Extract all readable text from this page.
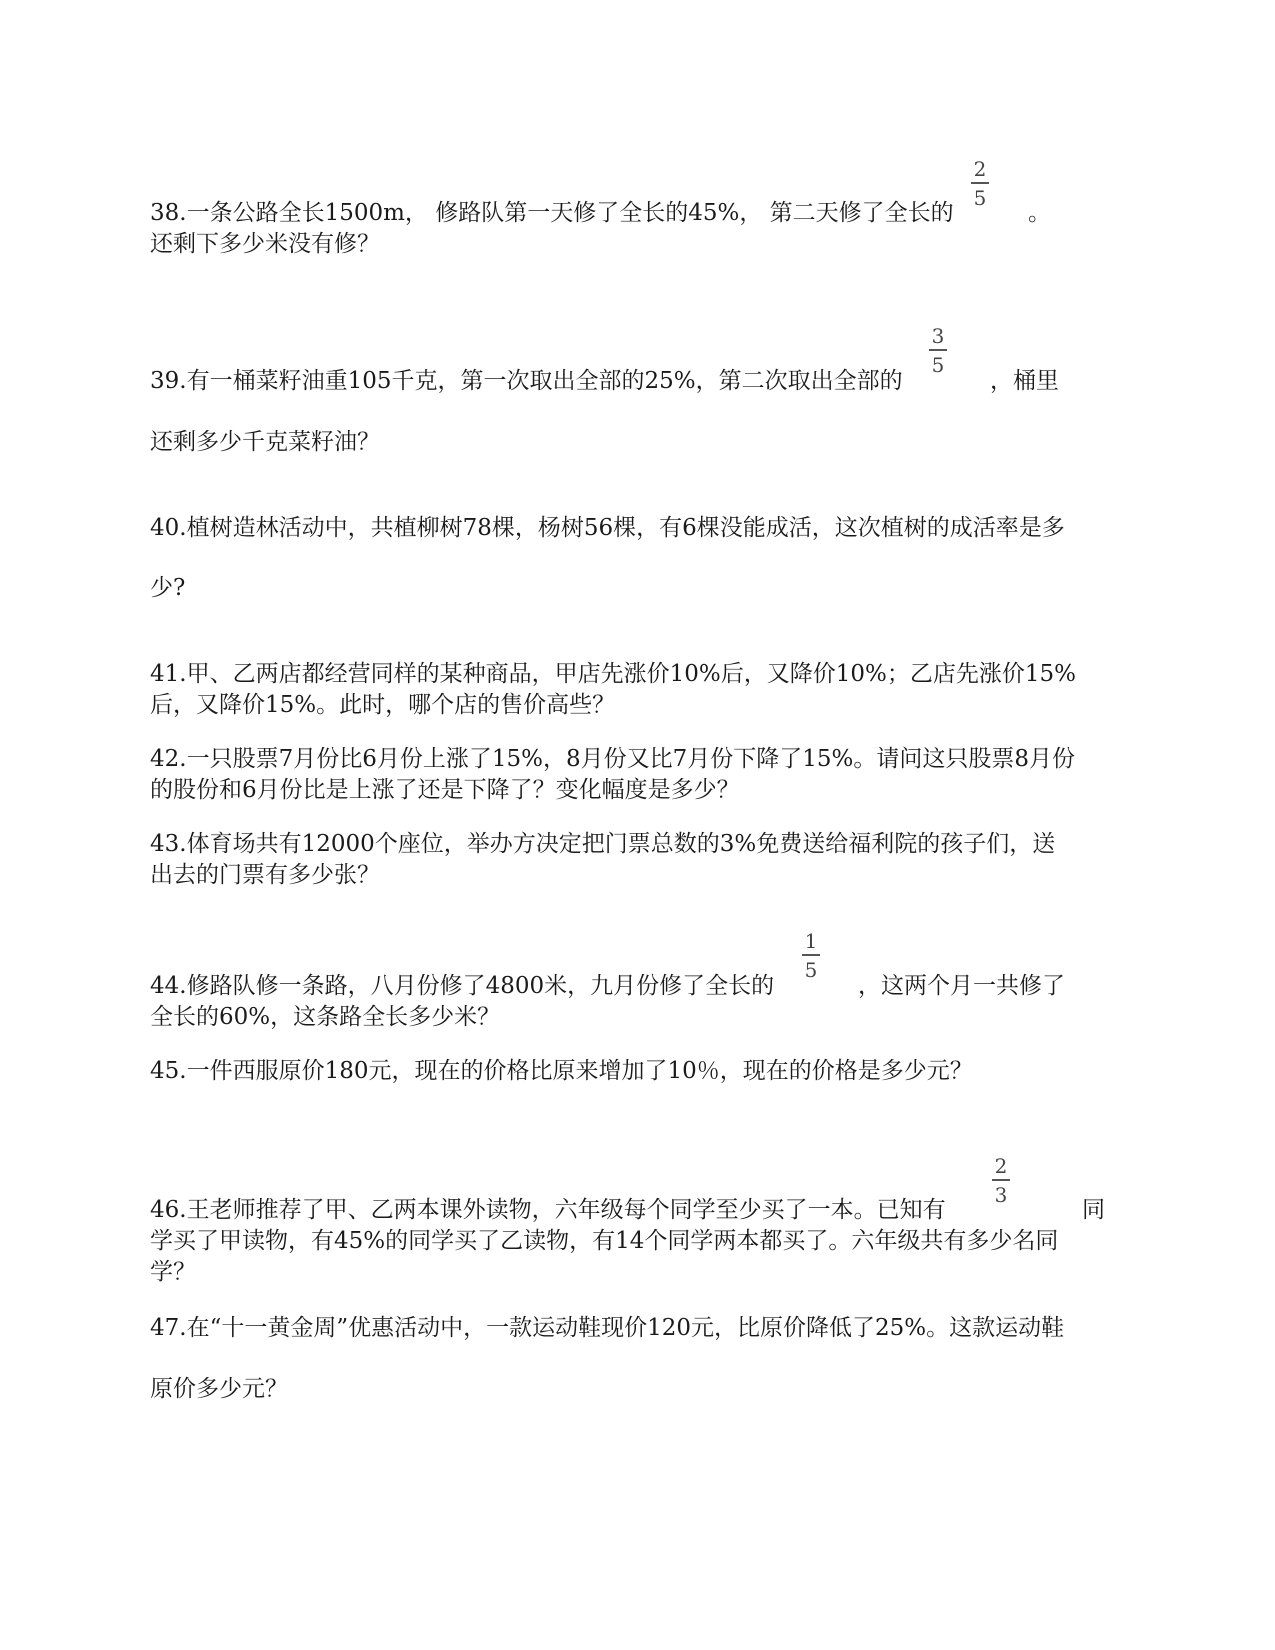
38.一条公路全长1500m， 修路队第一天修了全长的45%， 第二天修了全长的
2
5
。
还剩下多少米没有修？
39.有一桶菜籽油重105千克，第一次取出全部的25%，第二次取出全部的
3
5
，桶里
还剩多少千克菜籽油？
40.植树造林活动中，共植柳树78棵，杨树56棵，有6棵没能成活，这次植树的成活率是多
少?
41.甲、乙两店都经营同样的某种商品，甲店先涨价10%后，又降价10%；乙店先涨价15%
后，又降价15%。此时，哪个店的售价高些？
42.一只股票7月份比6月份上涨了15%，8月份又比7月份下降了15%。请问这只股票8月份
的股份和6月份比是上涨了还是下降了？变化幅度是多少？
43.体育场共有12000个座位，举办方决定把门票总数的3%免费送给福利院的孩子们，送
出去的门票有多少张？
44.修路队修一条路，八月份修了4800米，九月份修了全长的
1
5
，这两个月一共修了
全长的60%，这条路全长多少米？
45.一件西服原价180元，现在的价格比原来增加了10％，现在的价格是多少元？
46.王老师推荐了甲、乙两本课外读物，六年级每个同学至少买了一本。已知有
2
3
同
学买了甲读物，有45%的同学买了乙读物，有14个同学两本都买了。六年级共有多少名同
学？
47.在“十一黄金周”优惠活动中，一款运动鞋现价120元，比原价降低了25%。这款运动鞋
原价多少元？
